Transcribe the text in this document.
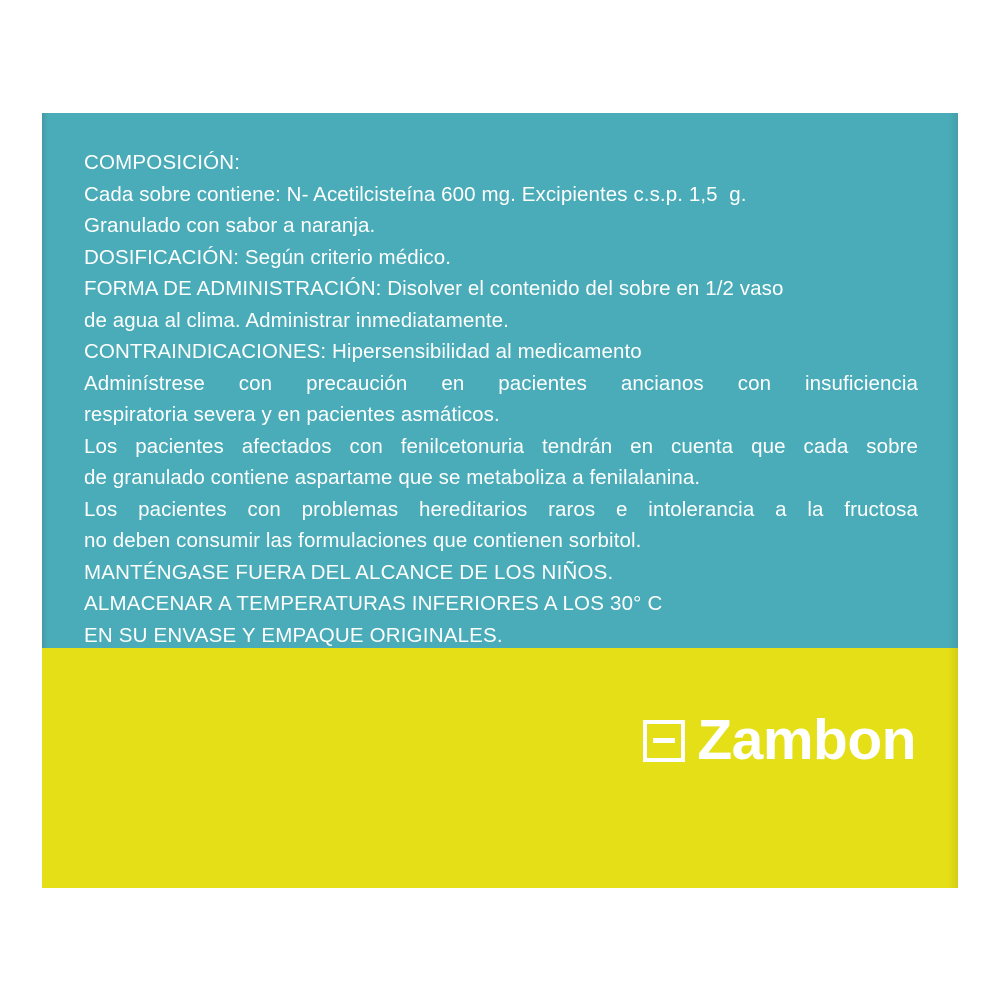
COMPOSICIÓN:
Cada sobre contiene: N- Acetilcisteína 600 mg. Excipientes c.s.p. 1,5  g.
Granulado con sabor a naranja.
DOSIFICACIÓN: Según criterio médico.
FORMA DE ADMINISTRACIÓN: Disolver el contenido del sobre en 1/2 vaso
de agua al clima. Administrar inmediatamente.
CONTRAINDICACIONES: Hipersensibilidad al medicamento
Adminístrese con precaución en pacientes ancianos con insuficiencia
respiratoria severa y en pacientes asmáticos.
Los pacientes afectados con fenilcetonuria tendrán en cuenta que cada sobre
de granulado contiene aspartame que se metaboliza a fenilalanina.
Los pacientes con problemas hereditarios raros e intolerancia a la fructosa
no deben consumir las formulaciones que contienen sorbitol.
MANTÉNGASE FUERA DEL ALCANCE DE LOS NIÑOS.
ALMACENAR A TEMPERATURAS INFERIORES A LOS 30° C
EN SU ENVASE Y EMPAQUE ORIGINALES.
Zambon
